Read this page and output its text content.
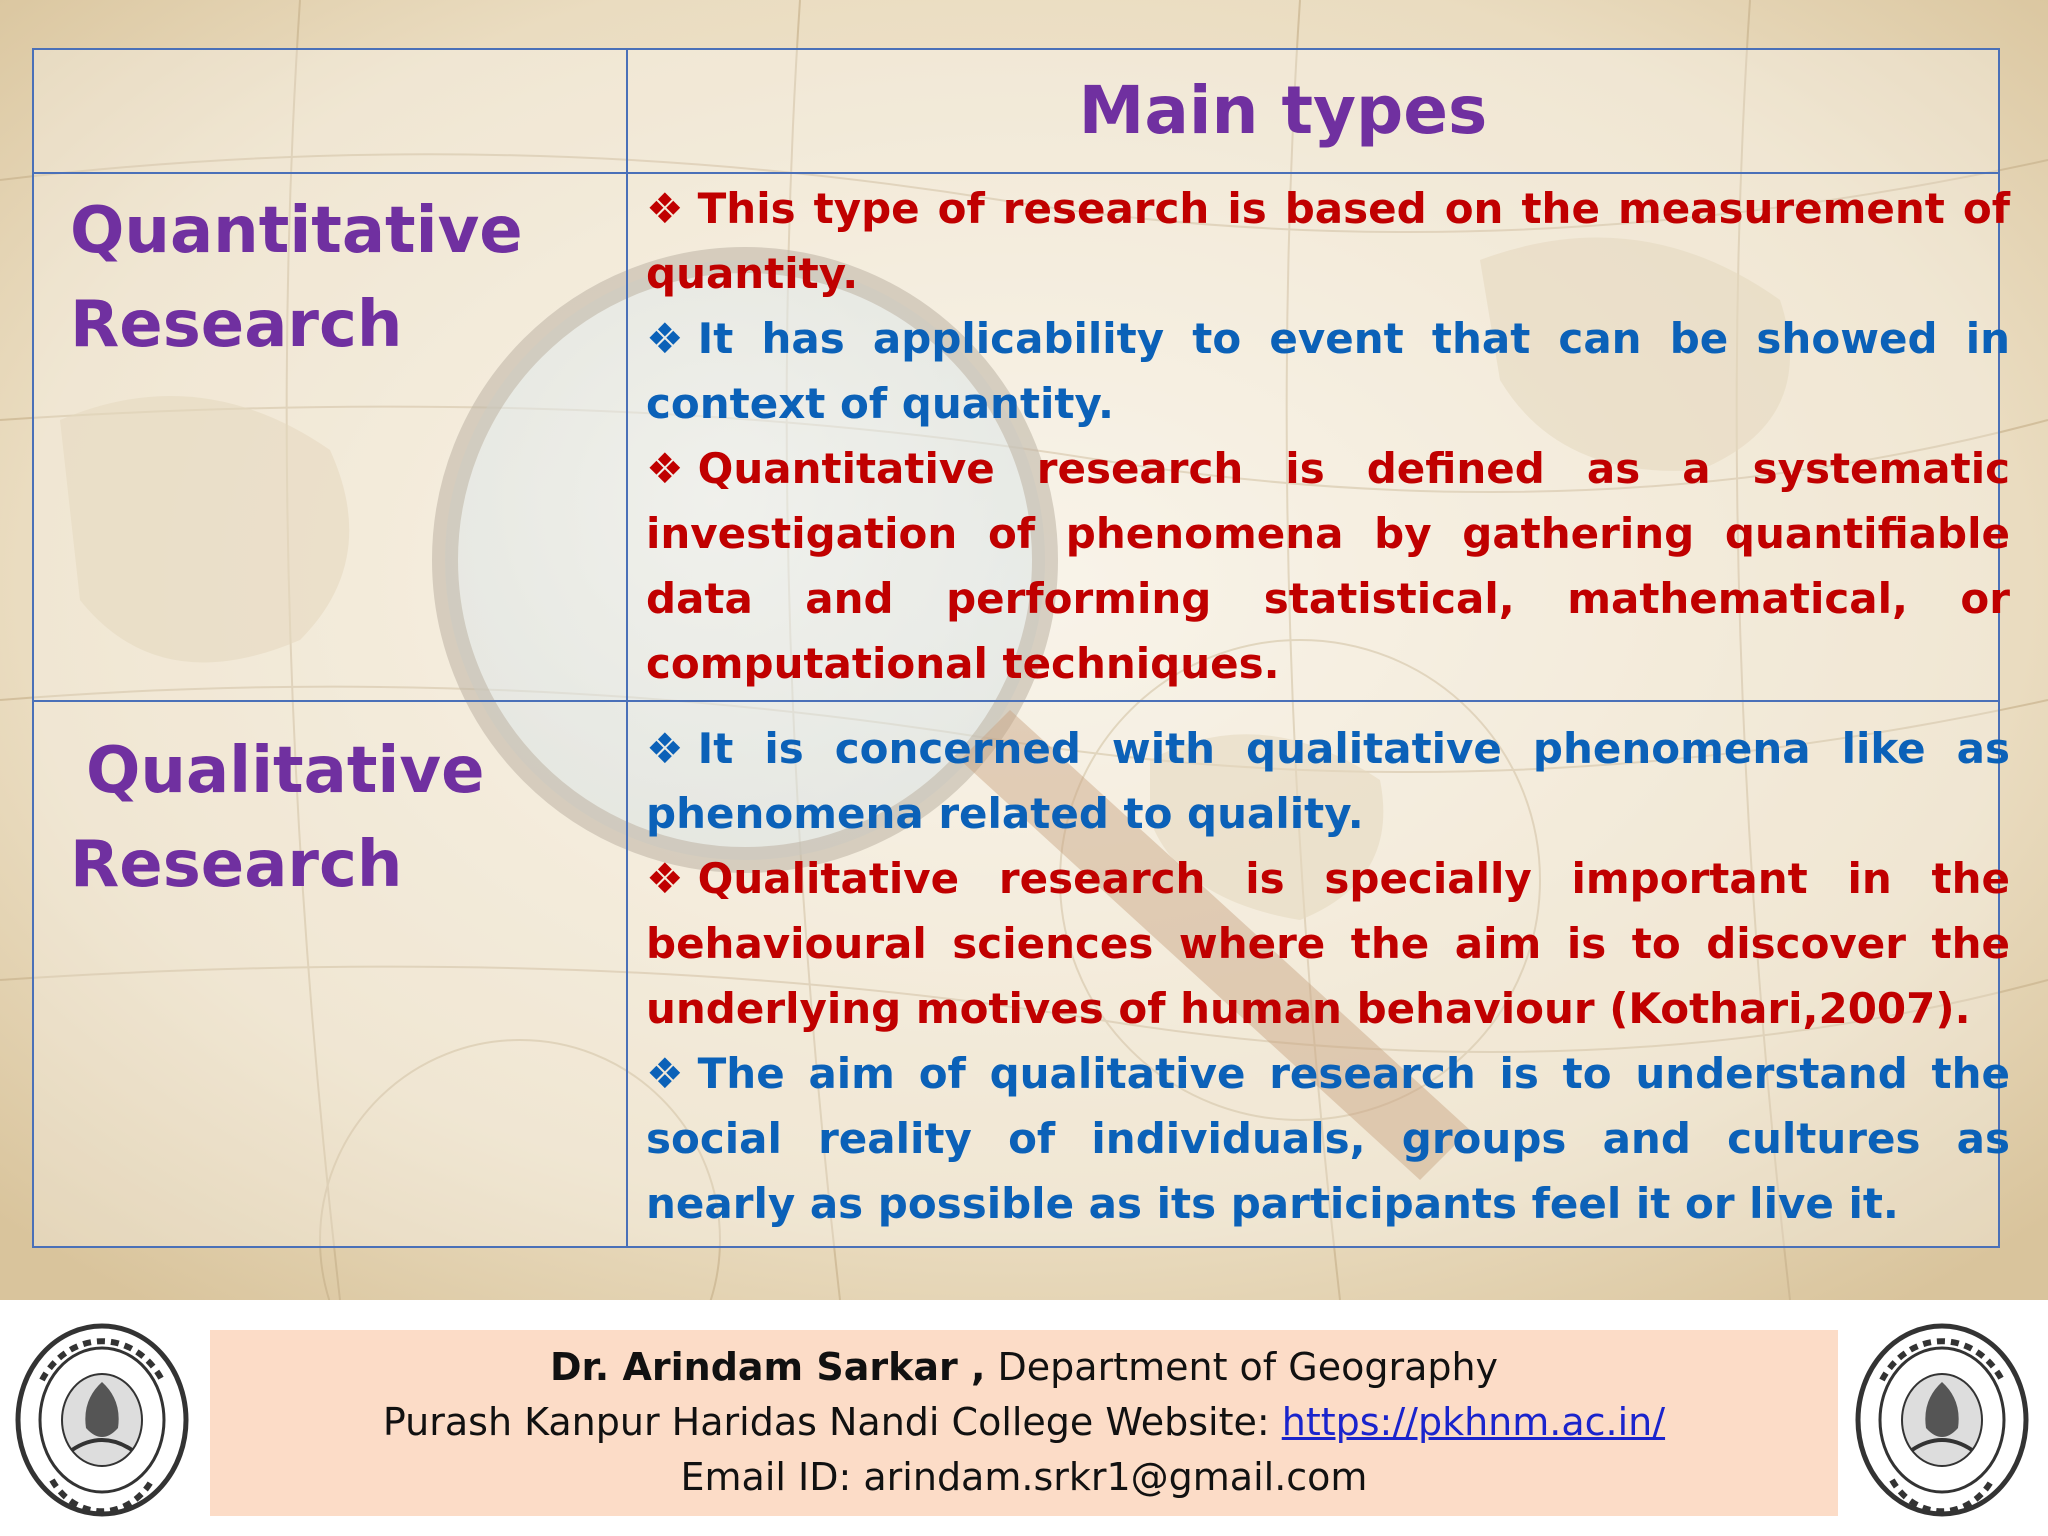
Main types
Quantitative
Research

❖ This type of research is based on the measurement of quantity.

❖ It has applicability to event that can be showed in context of quantity.

❖ Quantitative research is defined as a systematic investigation of phenomena by gathering quantifiable data and performing statistical, mathematical, or computational techniques.

Qualitative
Research

❖ It is concerned with qualitative phenomena like as phenomena related to quality.

❖ Qualitative research is specially important in the behavioural sciences where the aim is to discover the underlying motives of human behaviour (Kothari,2007).

❖ The aim of qualitative research is to understand the social reality of individuals, groups and cultures as nearly as possible as its participants feel it or live it.

Dr. Arindam Sarkar , Department of Geography
Purash Kanpur Haridas Nandi College Website: https://pkhnm.ac.in/
Email ID: arindam.srkr1@gmail.com
